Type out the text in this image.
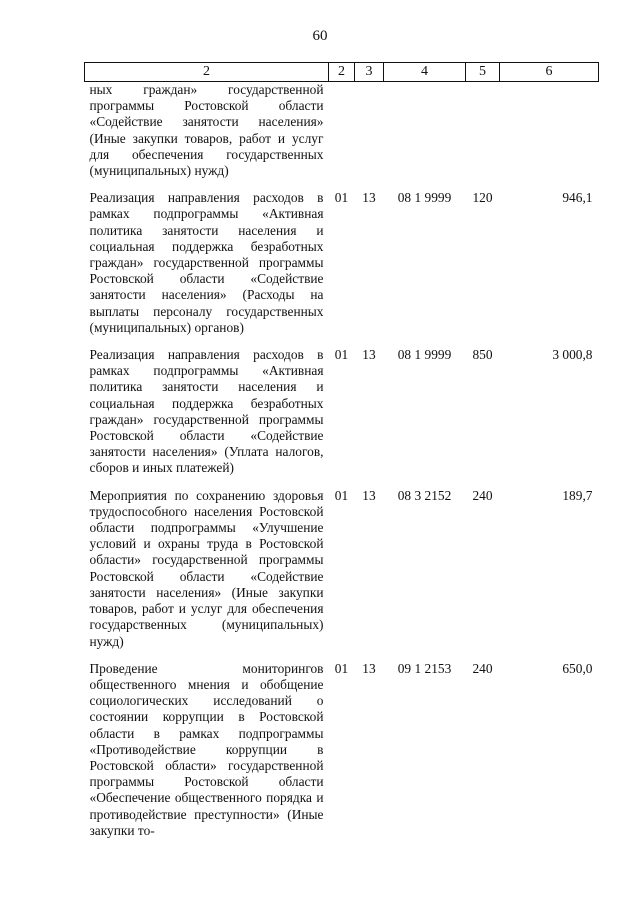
60
2	2	3	4	5	6
ных граждан» государственной программы Ростовской области «Содействие занятости населения» (Иные закупки товаров, работ и услуг для обеспечения государственных (муниципальных) нужд)					
Реализация направления расходов в рамках подпрограммы «Активная политика занятости населения и социальная поддержка безработных граждан» государственной программы Ростовской области «Содействие занятости населения» (Расходы на выплаты персоналу государственных (муниципальных) органов)	01	13	08 1 9999	120	946,1
Реализация направления расходов в рамках подпрограммы «Активная политика занятости населения и социальная поддержка безработных граждан» государственной программы Ростовской области «Содействие занятости населения» (Уплата налогов, сборов и иных платежей)	01	13	08 1 9999	850	3 000,8
Мероприятия по сохранению здоровья трудоспособного населения Ростовской области подпрограммы «Улучшение условий и охраны труда в Ростовской области» государственной программы Ростовской области «Содействие занятости населения» (Иные закупки товаров, работ и услуг для обеспечения государственных (муниципальных) нужд)	01	13	08 3 2152	240	189,7
Проведение мониторингов общественного мнения и обобщение социологических исследований о состоянии коррупции в Ростовской области в рамках подпрограммы «Противодействие коррупции в Ростовской области» государственной программы Ростовской области «Обеспечение общественного порядка и противодействие преступности» (Иные закупки то-	01	13	09 1 2153	240	650,0
